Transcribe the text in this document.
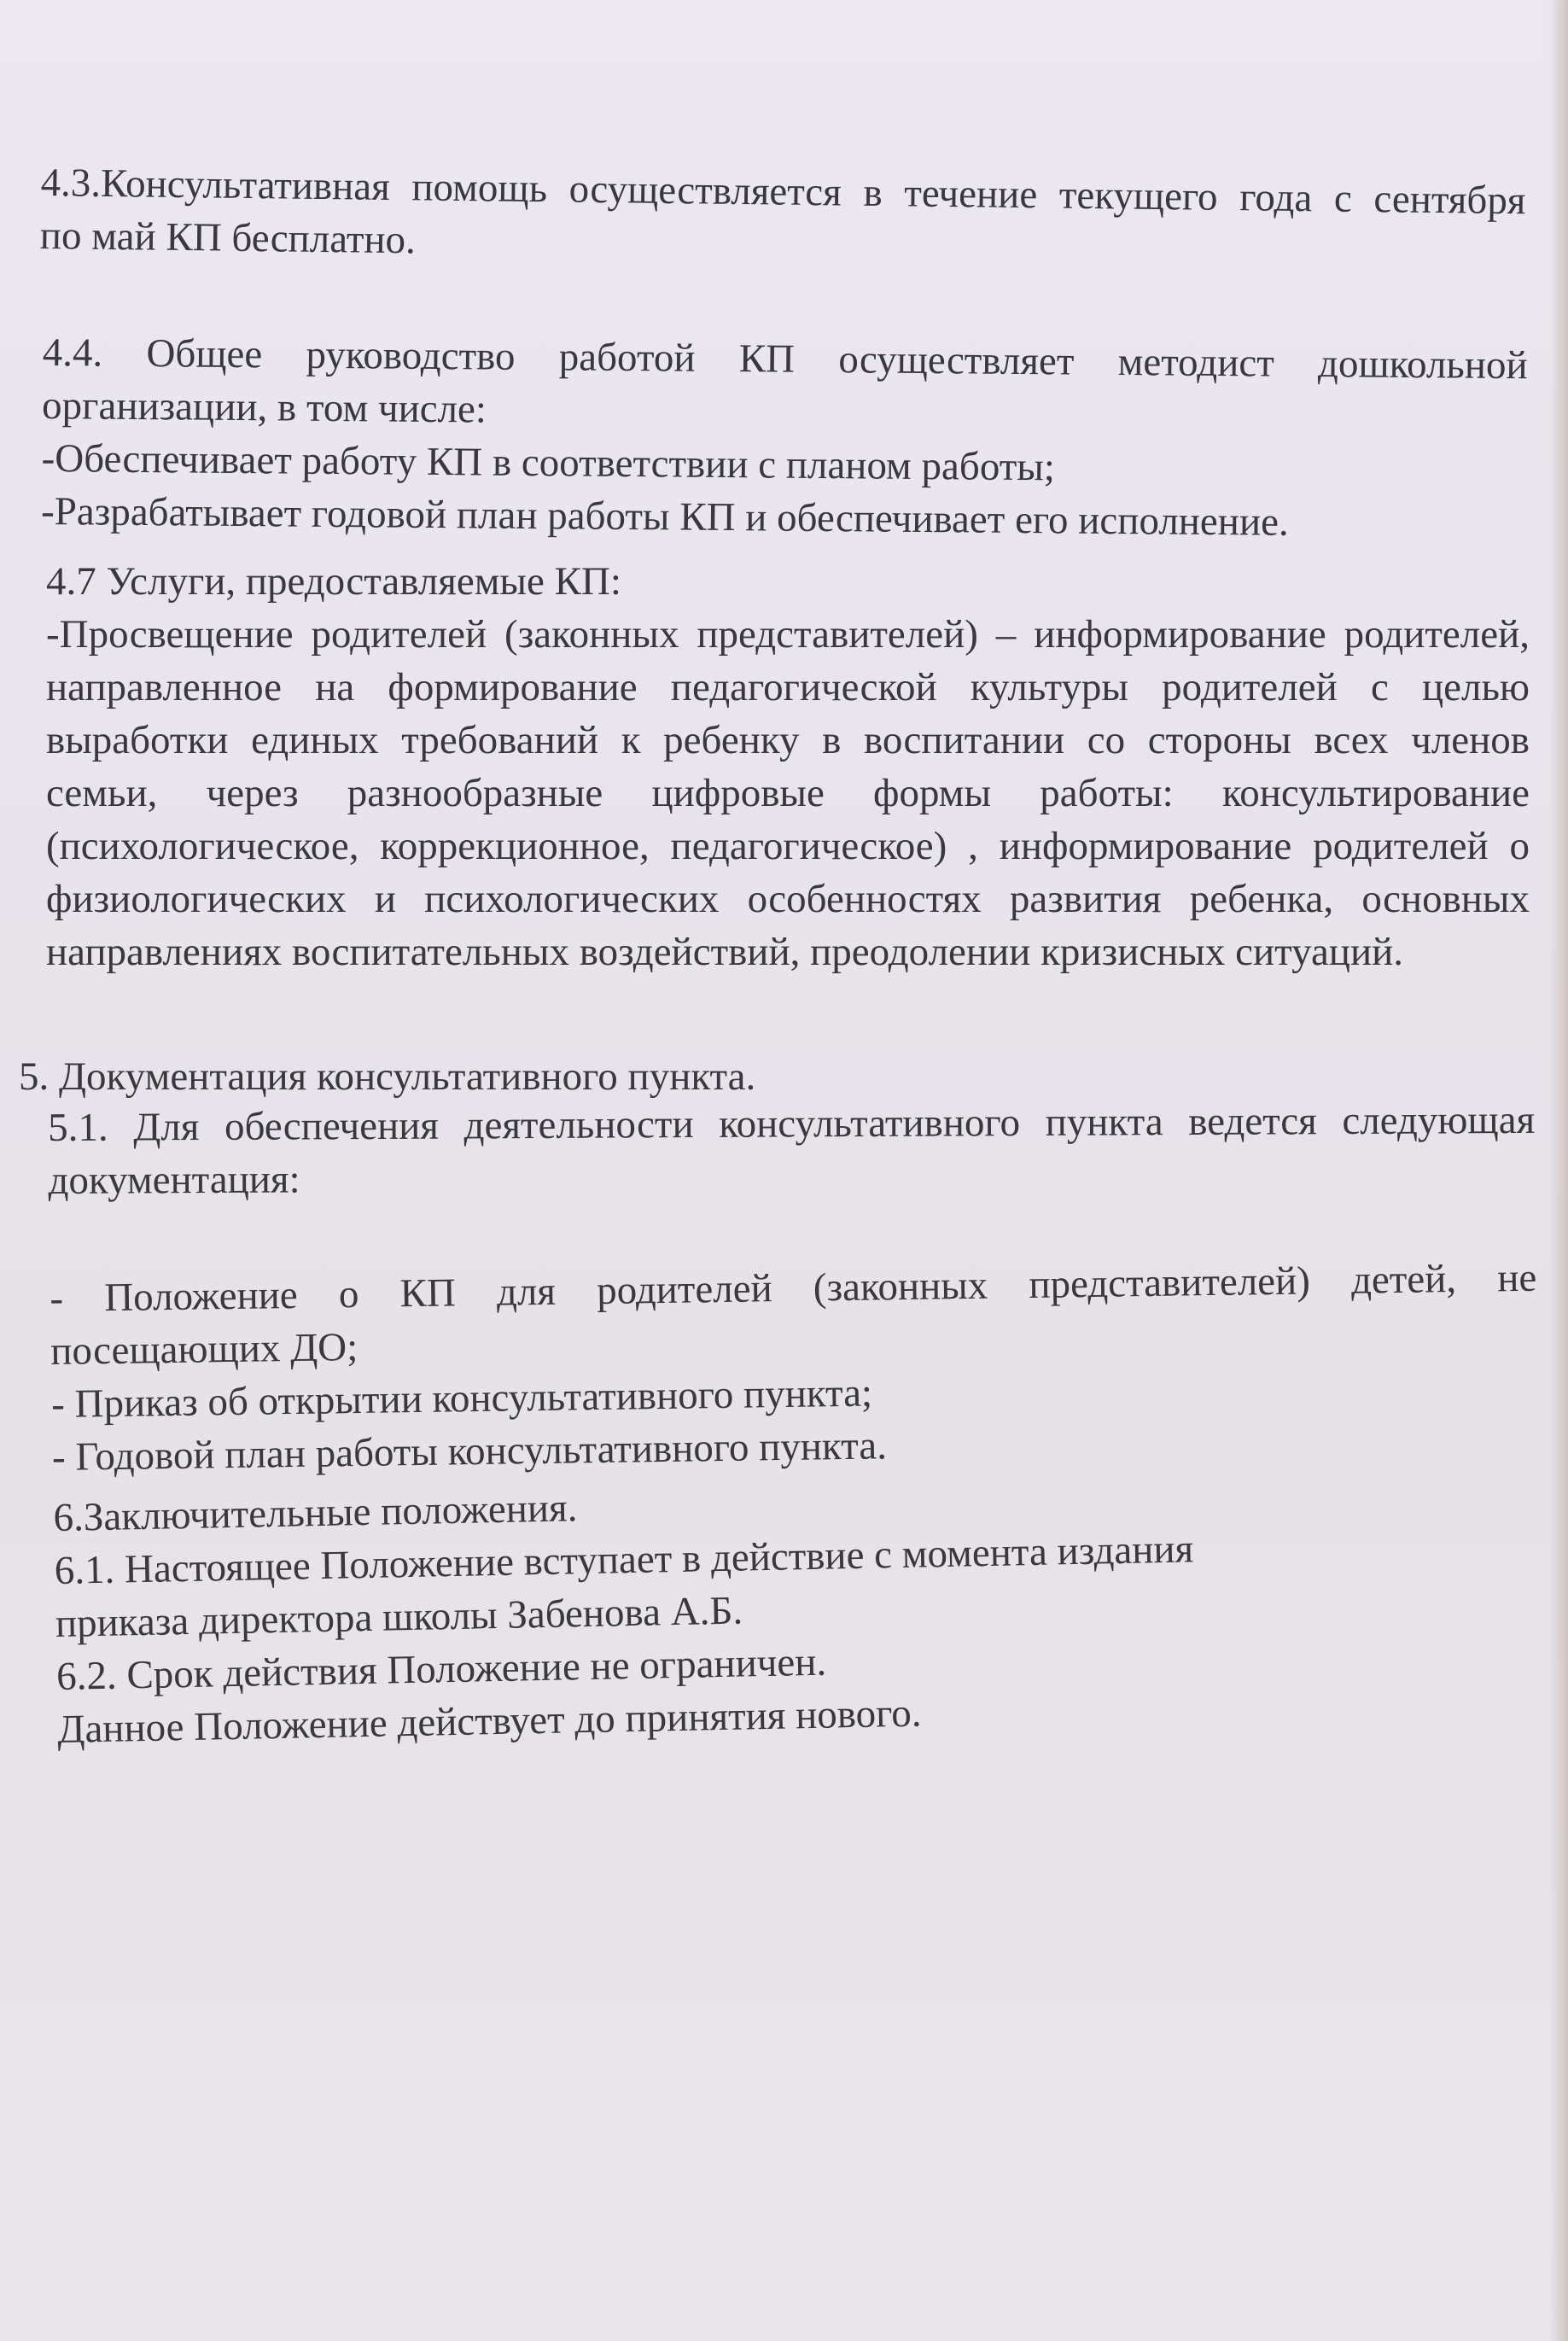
4.3.Консультативная помощь осуществляется в течение текущего года с сентября
по май КП бесплатно.
4.4. Общее руководство работой КП осуществляет методист дошкольной
организации, в том числе:
-Обеспечивает работу КП в соответствии с планом работы;
-Разрабатывает годовой план работы КП и обеспечивает его исполнение.
4.7 Услуги, предоставляемые КП:
-Просвещение родителей (законных представителей) – информирование родителей,
направленное на формирование педагогической культуры родителей с целью
выработки единых требований к ребенку в воспитании со стороны всех членов
семьи, через разнообразные цифровые формы работы: консультирование
(психологическое, коррекционное, педагогическое) , информирование родителей о
физиологических и психологических особенностях развития ребенка, основных
направлениях воспитательных воздействий, преодолении кризисных ситуаций.
5. Документация консультативного пункта.
5.1. Для обеспечения деятельности консультативного пункта ведется следующая
документация:
- Положение о КП для родителей (законных представителей) детей, не
посещающих ДО;
- Приказ об открытии консультативного пункта;
- Годовой план работы консультативного пункта.
6.Заключительные положения.
6.1. Настоящее Положение вступает в действие с момента издания
приказа директора школы Забенова А.Б.
6.2. Срок действия Положение не ограничен.
Данное Положение действует до принятия нового.
